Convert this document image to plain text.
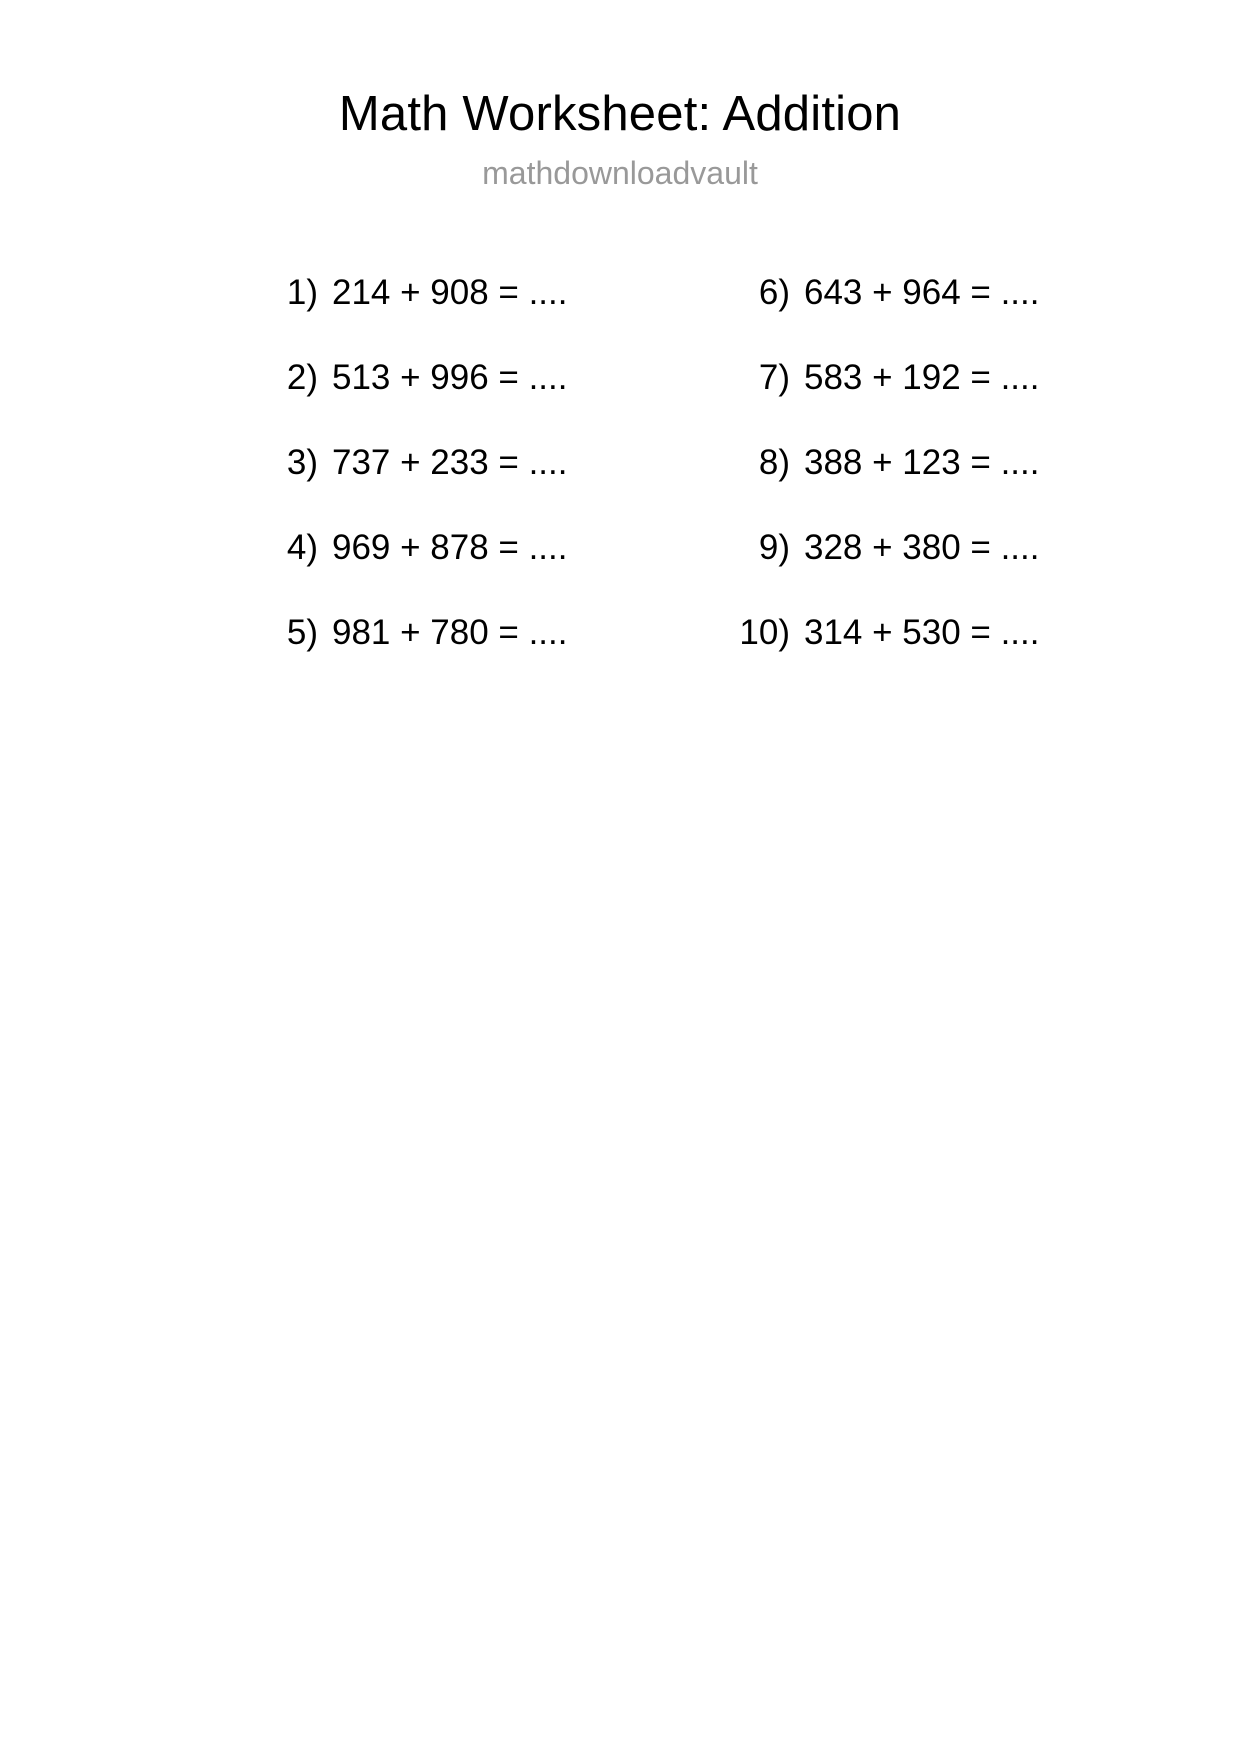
Math Worksheet: Addition

mathdownloadvault

1) 214 + 908 = ....
2) 513 + 996 = ....
3) 737 + 233 = ....
4) 969 + 878 = ....
5) 981 + 780 = ....
6) 643 + 964 = ....
7) 583 + 192 = ....
8) 388 + 123 = ....
9) 328 + 380 = ....
10) 314 + 530 = ....
